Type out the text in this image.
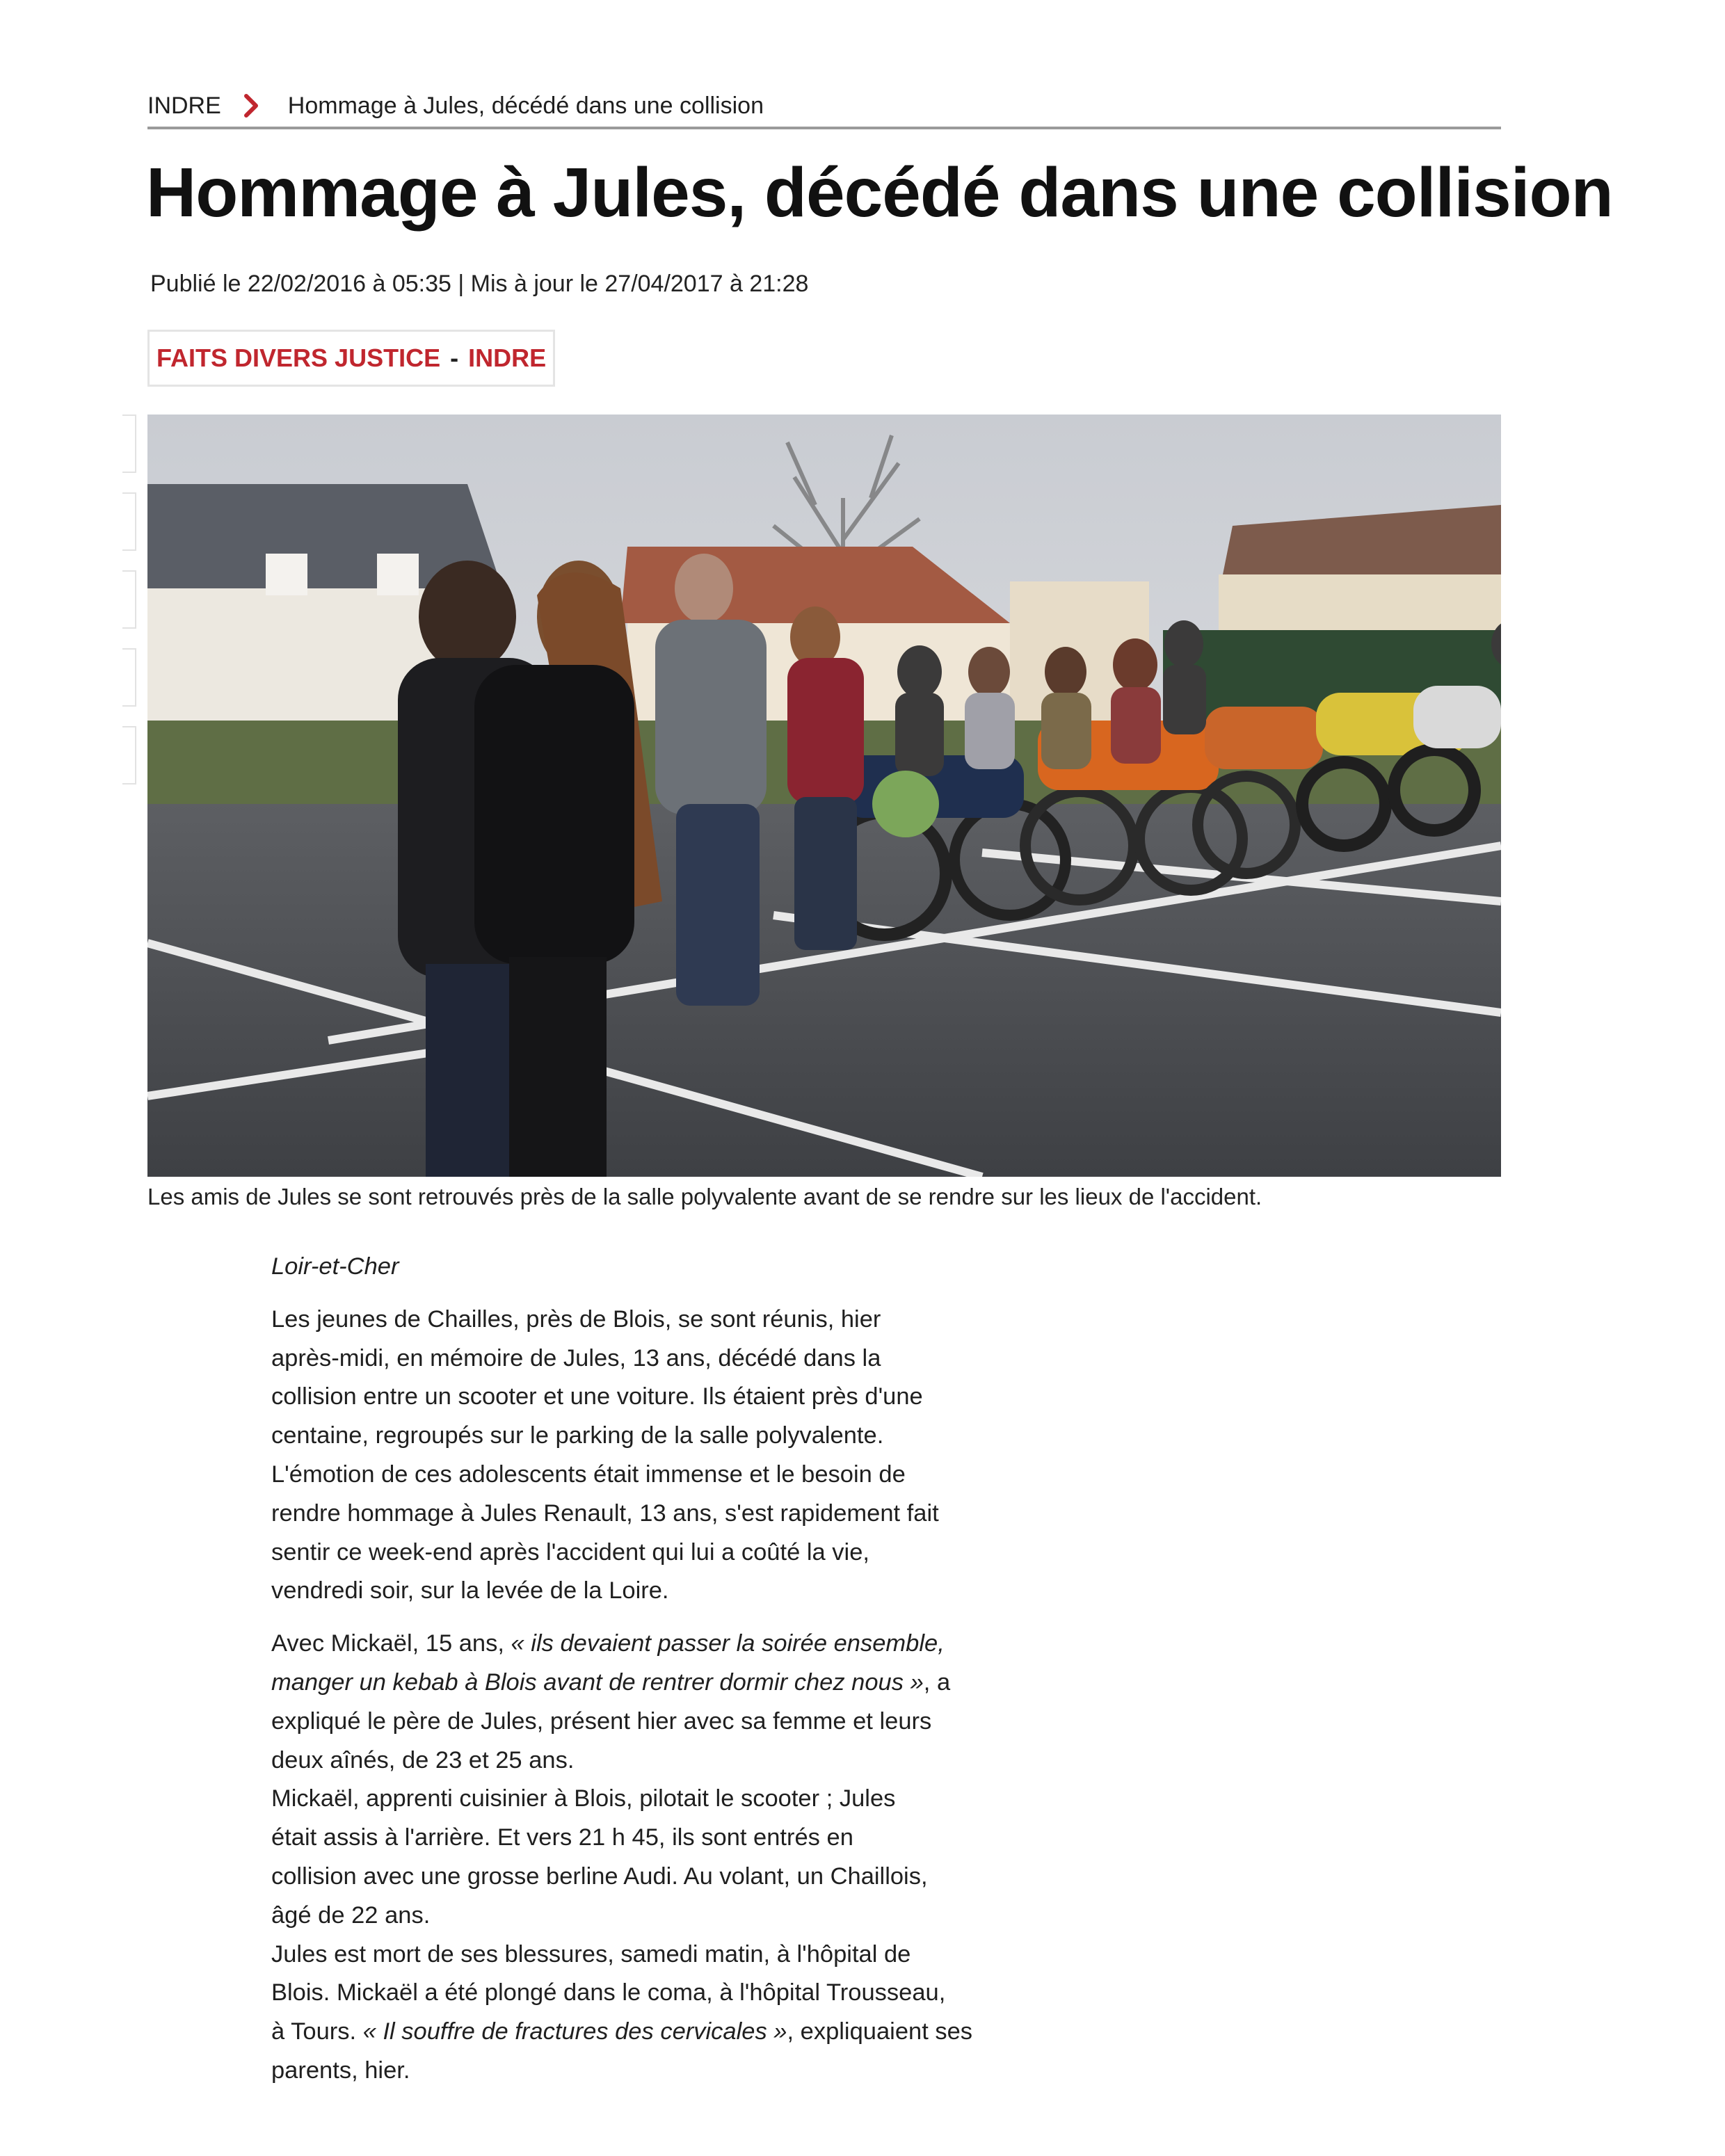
INDRE	Hommage à Jules, décédé dans une collision
Hommage à Jules, décédé dans une collision
Publié le 22/02/2016 à 05:35 | Mis à jour le 27/04/2017 à 21:28
FAITS DIVERS JUSTICE - INDRE
Les amis de Jules se sont retrouvés près de la salle polyvalente avant de se rendre sur les lieux de l'accident.

Loir-et-Cher

Les jeunes de Chailles, près de Blois, se sont réunis, hier
après-midi, en mémoire de Jules, 13 ans, décédé dans la
collision entre un scooter et une voiture. Ils étaient près d'une
centaine, regroupés sur le parking de la salle polyvalente.
L'émotion de ces adolescents était immense et le besoin de
rendre hommage à Jules Renault, 13 ans, s'est rapidement fait
sentir ce week-end après l'accident qui lui a coûté la vie,
vendredi soir, sur la levée de la Loire.

Avec Mickaël, 15 ans, « ils devaient passer la soirée ensemble,
manger un kebab à Blois avant de rentrer dormir chez nous », a
expliqué le père de Jules, présent hier avec sa femme et leurs
deux aînés, de 23 et 25 ans.
Mickaël, apprenti cuisinier à Blois, pilotait le scooter ; Jules
était assis à l'arrière. Et vers 21 h 45, ils sont entrés en
collision avec une grosse berline Audi. Au volant, un Chaillois,
âgé de 22 ans.
Jules est mort de ses blessures, samedi matin, à l'hôpital de
Blois. Mickaël a été plongé dans le coma, à l'hôpital Trousseau,
à Tours. « Il souffre de fractures des cervicales », expliquaient ses
parents, hier.
